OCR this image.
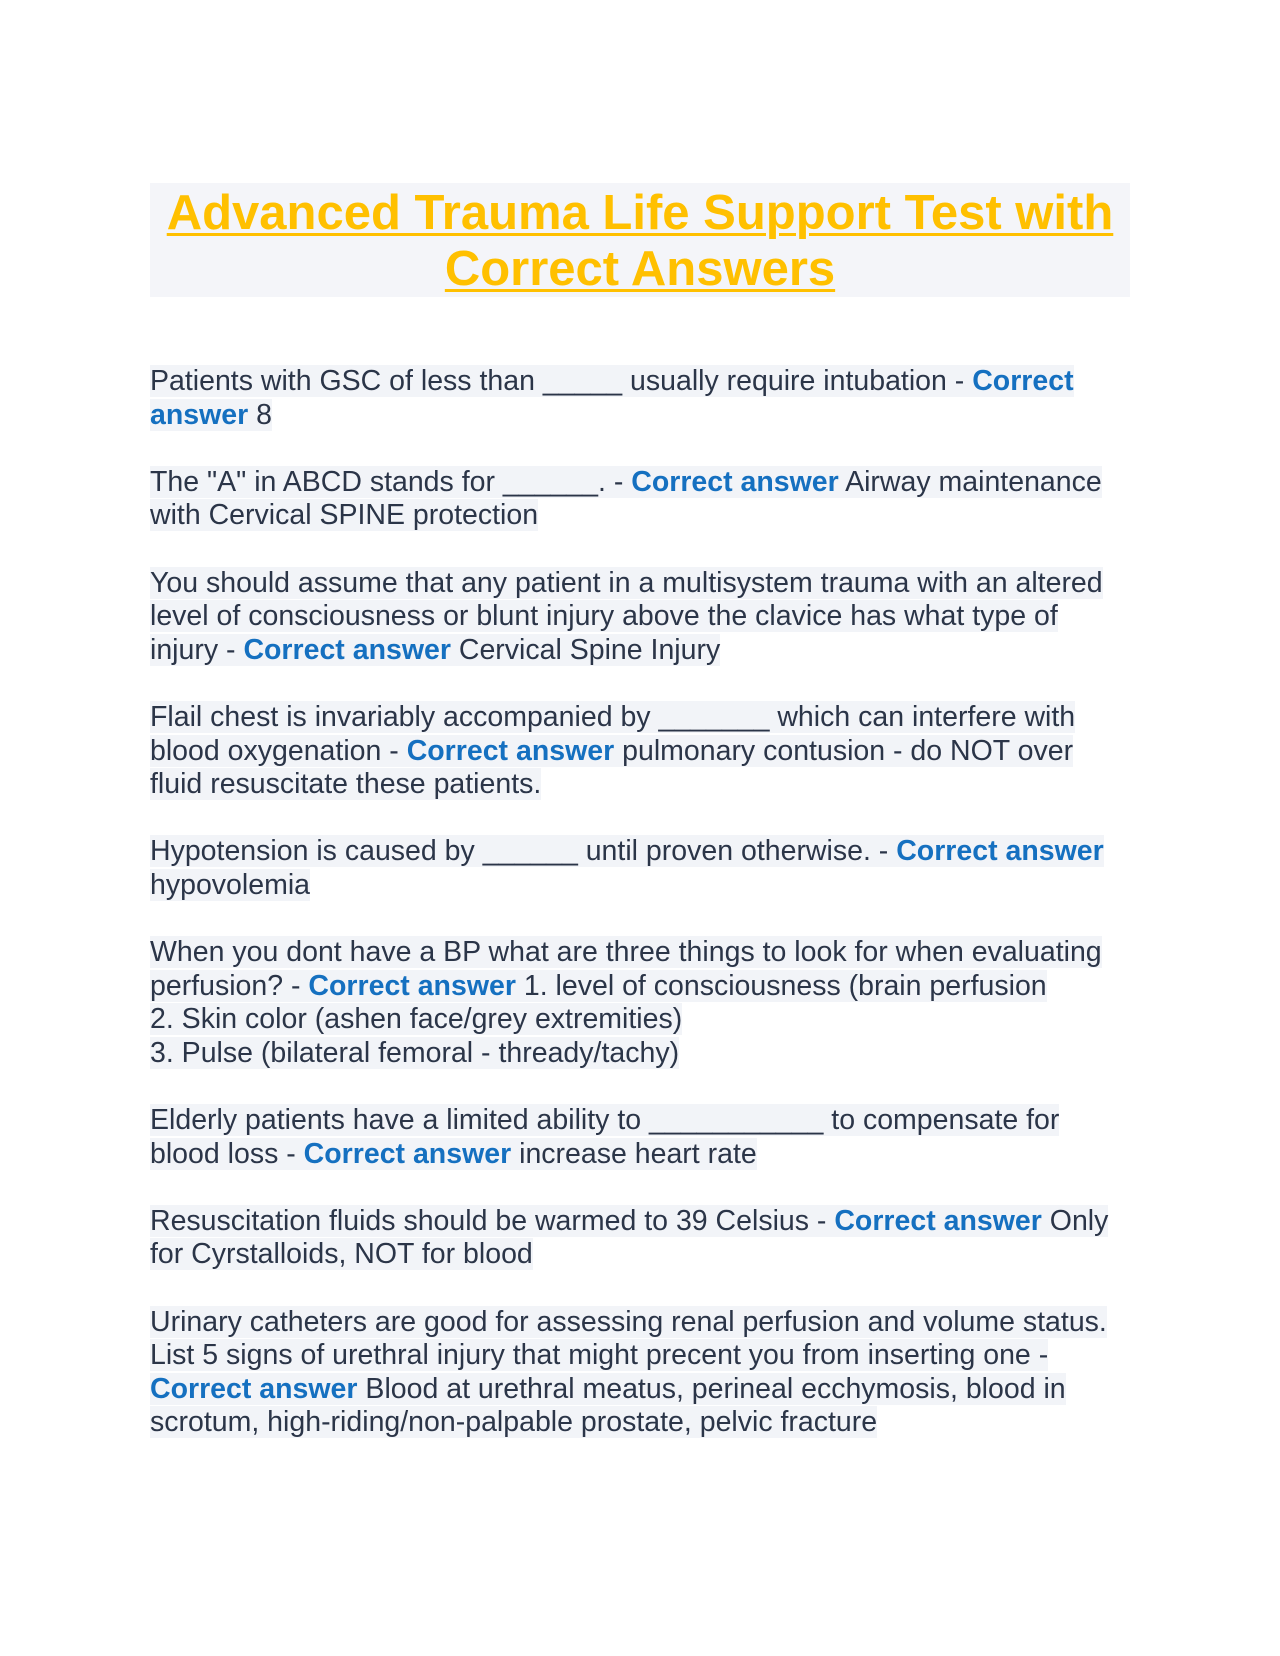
Advanced Trauma Life Support Test with
Correct Answers

Patients with GSC of less than _____ usually require intubation - Correct answer 8

The "A" in ABCD stands for ______. - Correct answer Airway maintenance with Cervical SPINE protection

You should assume that any patient in a multisystem trauma with an altered level of consciousness or blunt injury above the clavice has what type of injury - Correct answer Cervical Spine Injury

Flail chest is invariably accompanied by _______ which can interfere with blood oxygenation - Correct answer pulmonary contusion - do NOT over fluid resuscitate these patients.

Hypotension is caused by ______ until proven otherwise. - Correct answer hypovolemia

When you dont have a BP what are three things to look for when evaluating perfusion? - Correct answer 1. level of consciousness (brain perfusion
2. Skin color (ashen face/grey extremities)
3. Pulse (bilateral femoral - thready/tachy)

Elderly patients have a limited ability to ___________ to compensate for blood loss - Correct answer increase heart rate

Resuscitation fluids should be warmed to 39 Celsius - Correct answer Only for Cyrstalloids, NOT for blood

Urinary catheters are good for assessing renal perfusion and volume status. List 5 signs of urethral injury that might precent you from inserting one - Correct answer Blood at urethral meatus, perineal ecchymosis, blood in scrotum, high-riding/non-palpable prostate, pelvic fracture
